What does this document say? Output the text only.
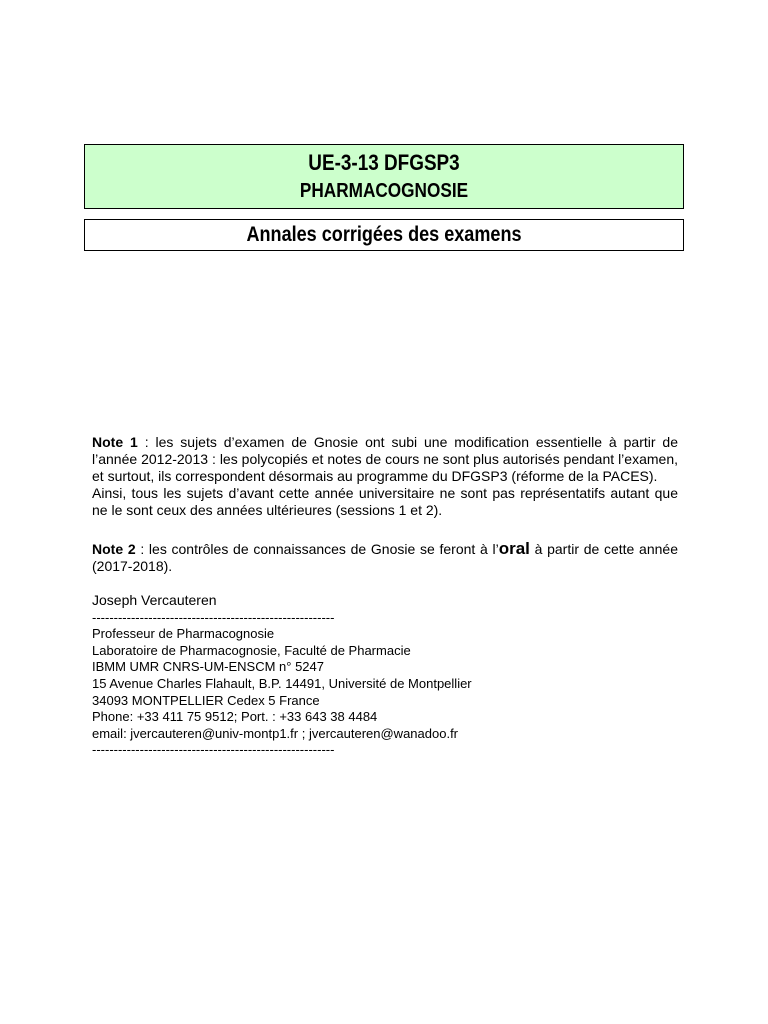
UE-3-13 DFGSP3
PHARMACOGNOSIE
Annales corrigées des examens
Note 1 : les sujets d’examen de Gnosie ont subi une modification essentielle à partir de l’année 2012-2013 : les polycopiés et notes de cours ne sont plus autorisés pendant l’examen, et surtout, ils correspondent désormais au programme du DFGSP3 (réforme de la PACES).
Ainsi, tous les sujets d’avant cette année universitaire ne sont pas représentatifs autant que ne le sont ceux des années ultérieures (sessions 1 et 2).
Note 2 : les contrôles de connaissances de Gnosie se feront à l’oral à partir de cette année (2017-2018).
Joseph Vercauteren
--------------------------------------------------------
Professeur de Pharmacognosie
Laboratoire de Pharmacognosie, Faculté de Pharmacie
IBMM UMR CNRS-UM-ENSCM n° 5247
15 Avenue Charles Flahault, B.P. 14491, Université de Montpellier
34093 MONTPELLIER Cedex 5 France
Phone: +33 411 75 9512; Port. : +33 643 38 4484
email: jvercauteren@univ-montp1.fr ; jvercauteren@wanadoo.fr
--------------------------------------------------------
